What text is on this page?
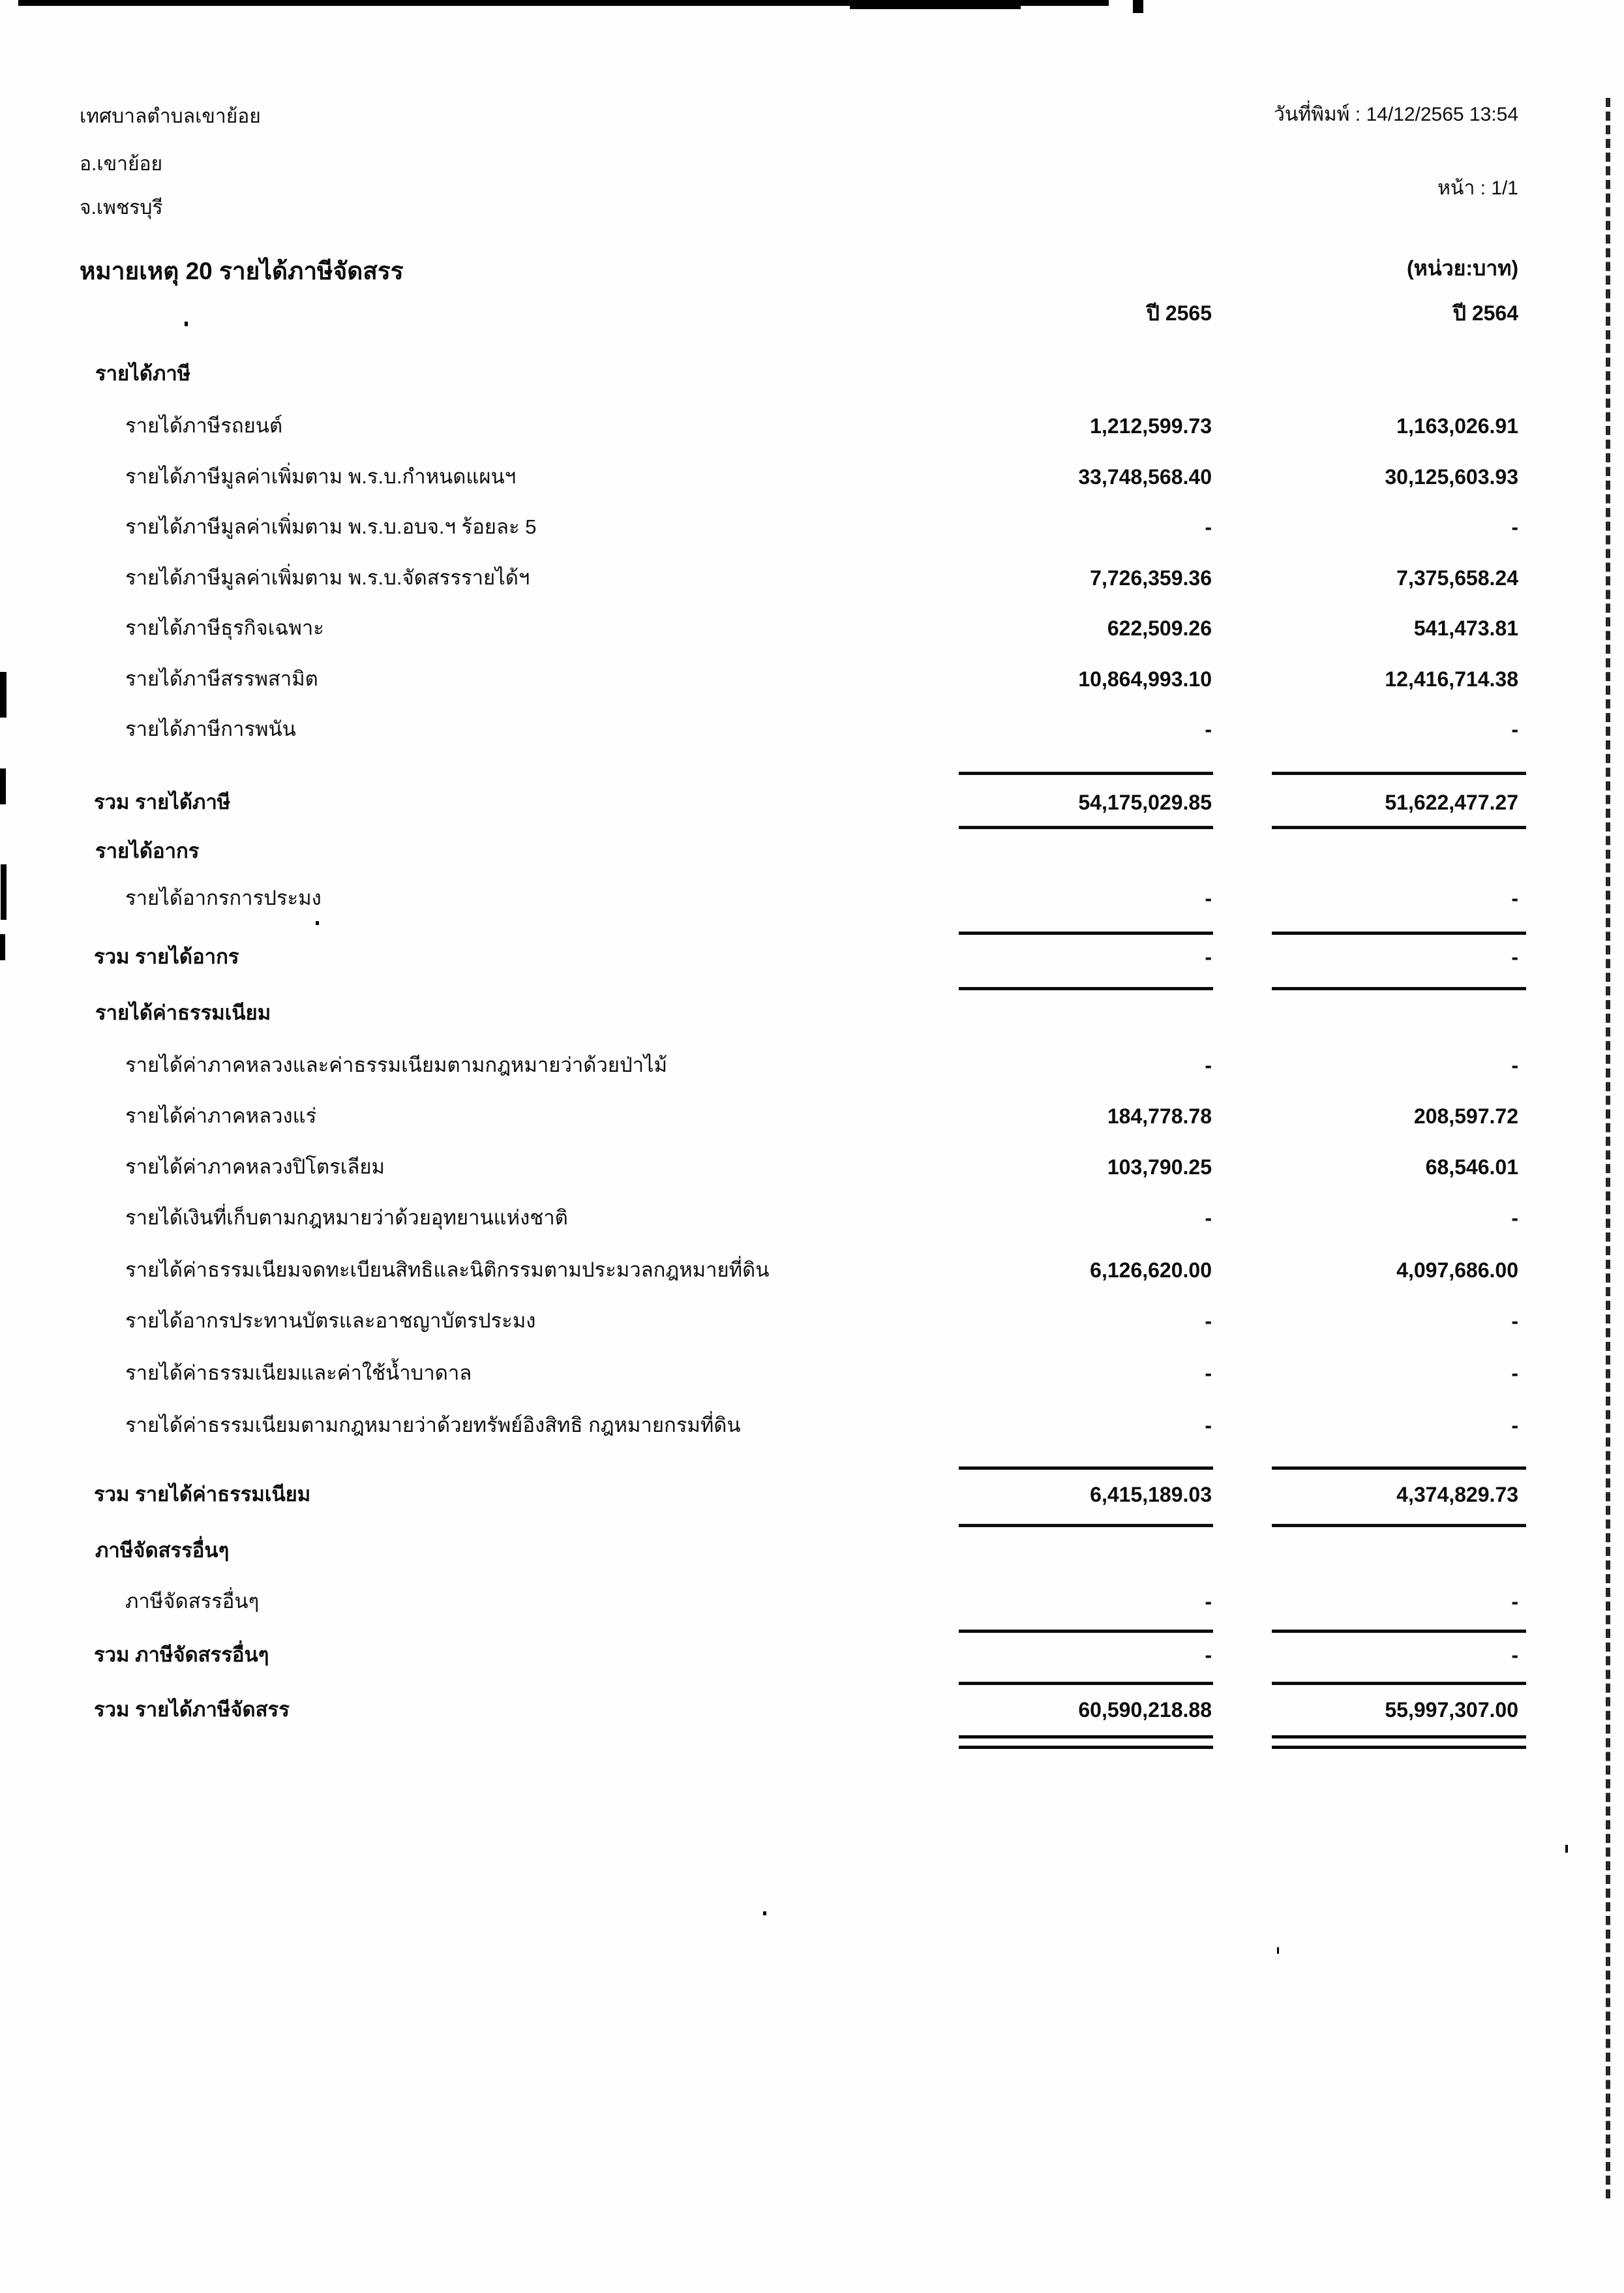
เทศบาลตำบลเขาย้อย
อ.เขาย้อย
จ.เพชรบุรี
วันที่พิมพ์ : 14/12/2565 13:54
หน้า : 1/1
หมายเหตุ 20 รายได้ภาษีจัดสรร	(หน่วย:บาท)
ปี 2565	ปี 2564
รายได้ภาษี
รายได้ภาษีรถยนต์	1,212,599.73	1,163,026.91
รายได้ภาษีมูลค่าเพิ่มตาม พ.ร.บ.กำหนดแผนฯ	33,748,568.40	30,125,603.93
รายได้ภาษีมูลค่าเพิ่มตาม พ.ร.บ.อบจ.ฯ ร้อยละ 5	-	-
รายได้ภาษีมูลค่าเพิ่มตาม พ.ร.บ.จัดสรรรายได้ฯ	7,726,359.36	7,375,658.24
รายได้ภาษีธุรกิจเฉพาะ	622,509.26	541,473.81
รายได้ภาษีสรรพสามิต	10,864,993.10	12,416,714.38
รายได้ภาษีการพนัน	-	-
รวม รายได้ภาษี	54,175,029.85	51,622,477.27
รายได้อากร
รายได้อากรการประมง	-	-
รวม รายได้อากร	-	-
รายได้ค่าธรรมเนียม
รายได้ค่าภาคหลวงและค่าธรรมเนียมตามกฎหมายว่าด้วยป่าไม้	-	-
รายได้ค่าภาคหลวงแร่	184,778.78	208,597.72
รายได้ค่าภาคหลวงปิโตรเลียม	103,790.25	68,546.01
รายได้เงินที่เก็บตามกฎหมายว่าด้วยอุทยานแห่งชาติ	-	-
รายได้ค่าธรรมเนียมจดทะเบียนสิทธิและนิติกรรมตามประมวลกฎหมายที่ดิน	6,126,620.00	4,097,686.00
รายได้อากรประทานบัตรและอาชญาบัตรประมง	-	-
รายได้ค่าธรรมเนียมและค่าใช้น้ำบาดาล	-	-
รายได้ค่าธรรมเนียมตามกฎหมายว่าด้วยทรัพย์อิงสิทธิ กฎหมายกรมที่ดิน	-	-
รวม รายได้ค่าธรรมเนียม	6,415,189.03	4,374,829.73
ภาษีจัดสรรอื่นๆ
ภาษีจัดสรรอื่นๆ	-	-
รวม ภาษีจัดสรรอื่นๆ	-	-
รวม รายได้ภาษีจัดสรร	60,590,218.88	55,997,307.00
